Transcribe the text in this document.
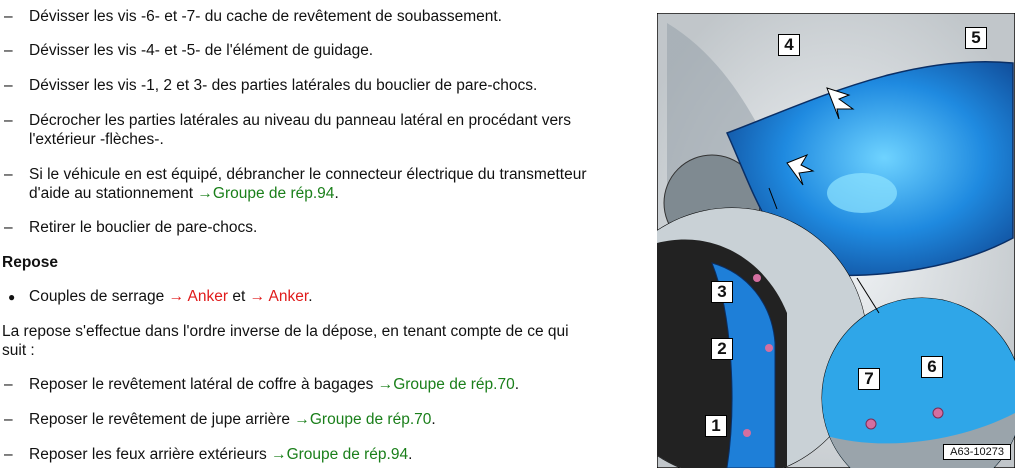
–	Dévisser les vis -6- et -7- du cache de revêtement de soubassement.
–	Dévisser les vis -4- et -5- de l'élément de guidage.
–	Dévisser les vis -1, 2 et 3- des parties latérales du bouclier de pare-chocs.
–	Décrocher les parties latérales au niveau du panneau latéral en procédant vers
l'extérieur -flèches-.
–	Si le véhicule en est équipé, débrancher le connecteur électrique du transmetteur
d'aide au stationnement →Groupe de rép.94.
–	Retirer le bouclier de pare-chocs.
Repose
● Couples de serrage → Anker et → Anker.
La repose s'effectue dans l'ordre inverse de la dépose, en tenant compte de ce qui
suit :
–	Reposer le revêtement latéral de coffre à bagages →Groupe de rép.70.
–	Reposer le revêtement de jupe arrière →Groupe de rép.70.
–	Reposer les feux arrière extérieurs →Groupe de rép.94.
4	5
3
2
1
7
6
A63-10273
